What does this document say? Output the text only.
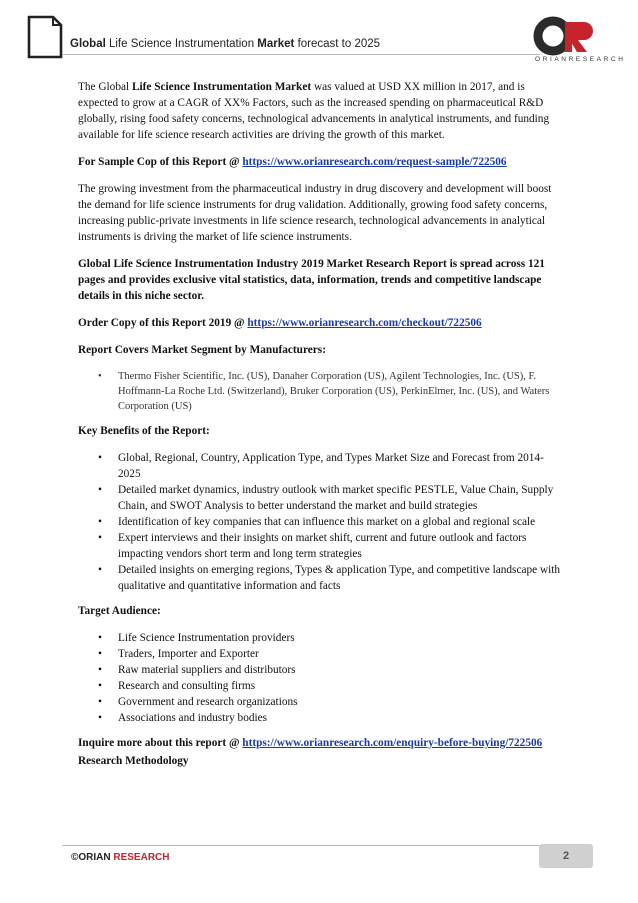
Global Life Science Instrumentation Market forecast to 2025
ORIANRESEARCH

The Global Life Science Instrumentation Market was valued at USD XX million in 2017, and is expected to grow at a CAGR of XX% Factors, such as the increased spending on pharmaceutical R&D globally, rising food safety concerns, technological advancements in analytical instruments, and funding available for life science research activities are driving the growth of this market.

For Sample Cop of this Report @ https://www.orianresearch.com/request-sample/722506

The growing investment from the pharmaceutical industry in drug discovery and development will boost the demand for life science instruments for drug validation. Additionally, growing food safety concerns, increasing public-private investments in life science research, technological advancements in analytical instruments is driving the market of life science instruments.

Global Life Science Instrumentation Industry 2019 Market Research Report is spread across 121 pages and provides exclusive vital statistics, data, information, trends and competitive landscape details in this niche sector.

Order Copy of this Report 2019 @ https://www.orianresearch.com/checkout/722506

Report Covers Market Segment by Manufacturers:

• Thermo Fisher Scientific, Inc. (US), Danaher Corporation (US), Agilent Technologies, Inc. (US), F. Hoffmann-La Roche Ltd. (Switzerland), Bruker Corporation (US), PerkinElmer, Inc. (US), and Waters Corporation (US)

Key Benefits of the Report:

• Global, Regional, Country, Application Type, and Types Market Size and Forecast from 2014-2025
• Detailed market dynamics, industry outlook with market specific PESTLE, Value Chain, Supply Chain, and SWOT Analysis to better understand the market and build strategies
• Identification of key companies that can influence this market on a global and regional scale
• Expert interviews and their insights on market shift, current and future outlook and factors impacting vendors short term and long term strategies
• Detailed insights on emerging regions, Types & application Type, and competitive landscape with qualitative and quantitative information and facts

Target Audience:

• Life Science Instrumentation providers
• Traders, Importer and Exporter
• Raw material suppliers and distributors
• Research and consulting firms
• Government and research organizations
• Associations and industry bodies

Inquire more about this report @ https://www.orianresearch.com/enquiry-before-buying/722506

Research Methodology

©ORIAN RESEARCH	2
